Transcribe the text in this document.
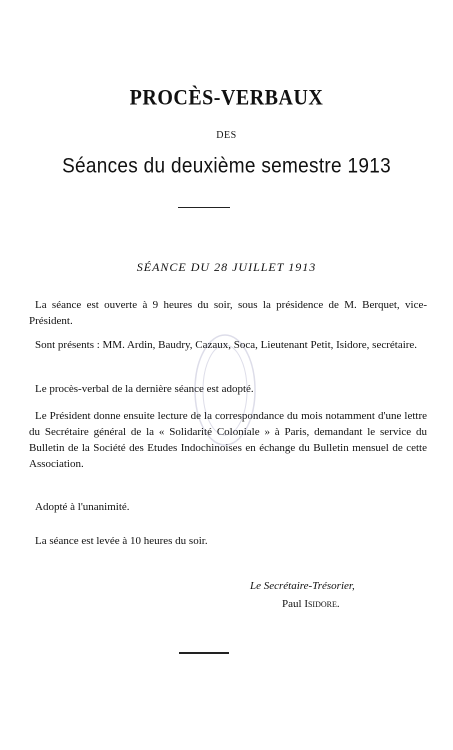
PROCÈS-VERBAUX
DES
Séances du deuxième semestre 1913
SÉANCE DU 28 JUILLET 1913
La séance est ouverte à 9 heures du soir, sous la présidence de M. Berquet, vice-Président.
Sont présents : MM. Ardin, Baudry, Cazaux, Soca, Lieutenant Petit, Isidore, secrétaire.
Le procès-verbal de la dernière séance est adopté.
Le Président donne ensuite lecture de la correspondance du mois notamment d'une lettre du Secrétaire général de la « Solidarité Coloniale » à Paris, demandant le service du Bulletin de la Société des Etudes Indochinoises en échange du Bulletin mensuel de cette Association.
Adopté à l'unanimité.
La séance est levée à 10 heures du soir.
Le Secrétaire-Trésorier,
Paul Isidore.
